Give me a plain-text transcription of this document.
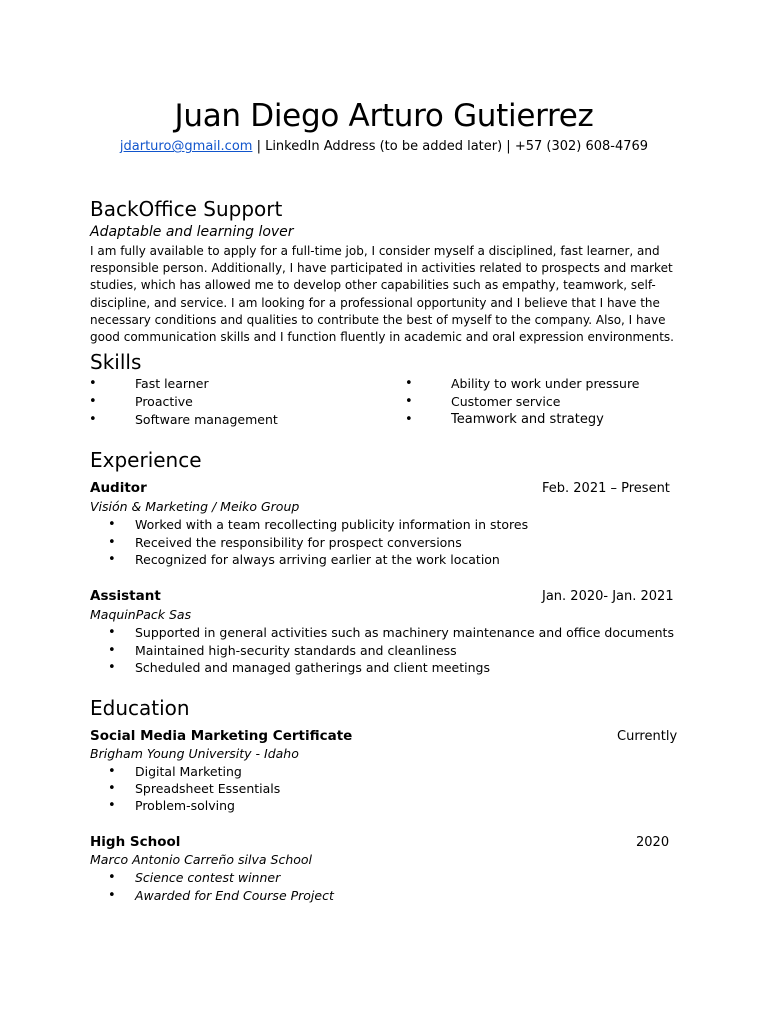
Juan Diego Arturo Gutierrez
jdarturo@gmail.com | LinkedIn Address (to be added later) | +57 (302) 608-4769
BackOffice Support
Adaptable and learning lover
I am fully available to apply for a full-time job, I consider myself a disciplined, fast learner, and responsible person. Additionally, I have participated in activities related to prospects and market studies, which has allowed me to develop other capabilities such as empathy, teamwork, self-discipline, and service. I am looking for a professional opportunity and I believe that I have the necessary conditions and qualities to contribute the best of myself to the company. Also, I have good communication skills and I function fluently in academic and oral expression environments.
Skills
•	Fast learner
•	Proactive
•	Software management
•	Ability to work under pressure
•	Customer service
•	Teamwork and strategy
Experience
Auditor	Feb. 2021 – Present
Visión & Marketing / Meiko Group
• Worked with a team recollecting publicity information in stores
• Received the responsibility for prospect conversions
• Recognized for always arriving earlier at the work location
Assistant	Jan. 2020- Jan. 2021
MaquinPack Sas
• Supported in general activities such as machinery maintenance and office documents
• Maintained high-security standards and cleanliness
• Scheduled and managed gatherings and client meetings
Education
Social Media Marketing Certificate	Currently
Brigham Young University - Idaho
• Digital Marketing
• Spreadsheet Essentials
• Problem-solving
High School	2020
Marco Antonio Carreño silva School
• Science contest winner
• Awarded for End Course Project
